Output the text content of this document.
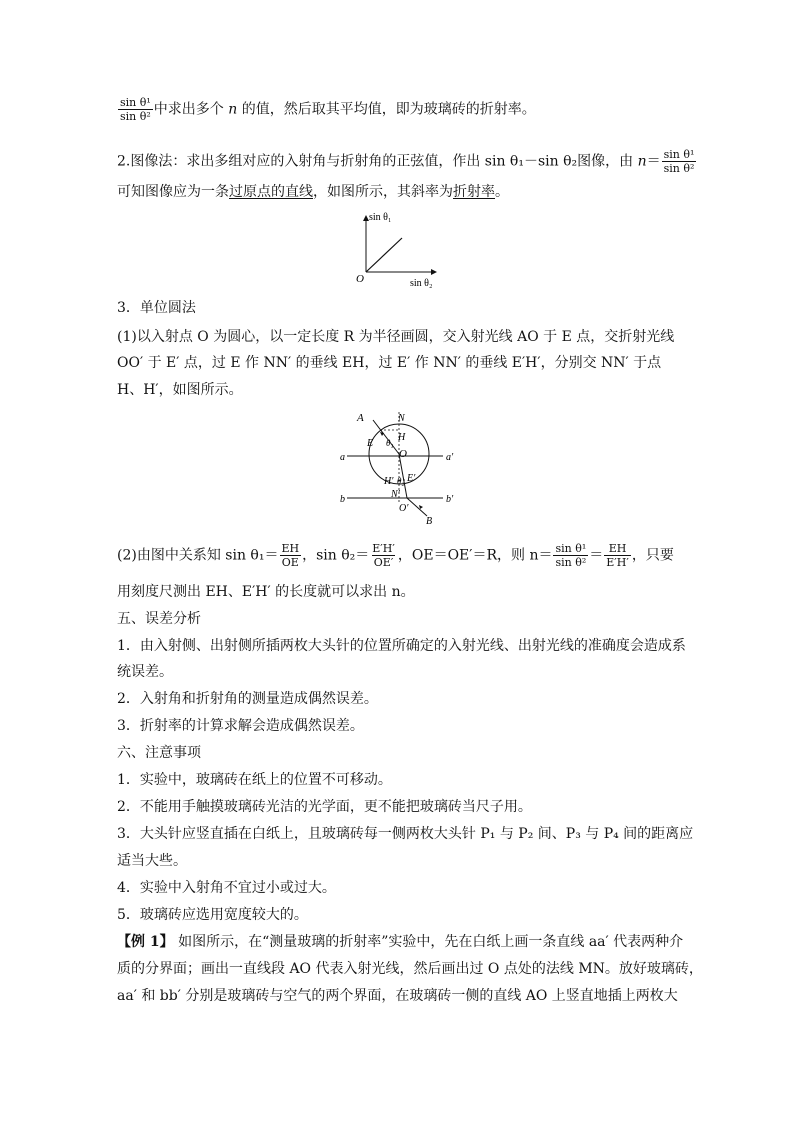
$\frac{\text{sin θ¹}}{\text{sin θ²}}$ 中求出多个 n 的值，然后取其平均值，即为玻璃砖的折射率。
2.图像法：求出多组对应的入射角与折射角的正弦值，作出 sin θ₁－sin θ₂图像，由 $n= \frac{\text{sin θ¹}}{\text{sin θ²}}$
可知图像应为一条过原点的直线，如图所示，其斜率为折射率。
sin θ₁
sin θ₂
O
3．单位圆法
(1)以入射点 O 为圆心，以一定长度 R 为半径画圆，交入射光线 AO 于 E 点，交折射光线
OO′ 于 E′ 点，过 E 作 NN′ 的垂线 EH，过 E′ 作 NN′ 的垂线 E′H′，分别交 NN′ 于点
H、H′，如图所示。
A	N
H
E θ₁
O
a	a′
H′ θ₂ E′
N′
b	b′
O′
B
(2)由图中关系知 $\sin \theta_1= \frac{EH}{OE}$ ，$\sin \theta_2= \frac{E'H'}{OE'}$ ，OE＝OE′＝R，则 $n= \frac{\text{sin θ¹}}{\text{sin θ²}} = \frac{EH}{E'H'}$ ，只要
用刻度尺测出 EH、E′H′ 的长度就可以求出 n。
五、误差分析
1．由入射侧、出射侧所插两枚大头针的位置所确定的入射光线、出射光线的准确度会造成系
统误差。
2．入射角和折射角的测量造成偶然误差。
3．折射率的计算求解会造成偶然误差。
六、注意事项
1．实验中，玻璃砖在纸上的位置不可移动。
2．不能用手触摸玻璃砖光洁的光学面，更不能把玻璃砖当尺子用。
3．大头针应竖直插在白纸上，且玻璃砖每一侧两枚大头针 P₁ 与 P₂ 间、P₃ 与 P₄ 间的距离应
适当大些。
4．实验中入射角不宜过小或过大。
5．玻璃砖应选用宽度较大的。
【例 1】 如图所示，在“测量玻璃的折射率”实验中，先在白纸上画一条直线 aa′ 代表两种介
质的分界面；画出一直线段 AO 代表入射光线，然后画出过 O 点处的法线 MN。放好玻璃砖，
aa′ 和 bb′ 分别是玻璃砖与空气的两个界面，在玻璃砖一侧的直线 AO 上竖直地插上两枚大
